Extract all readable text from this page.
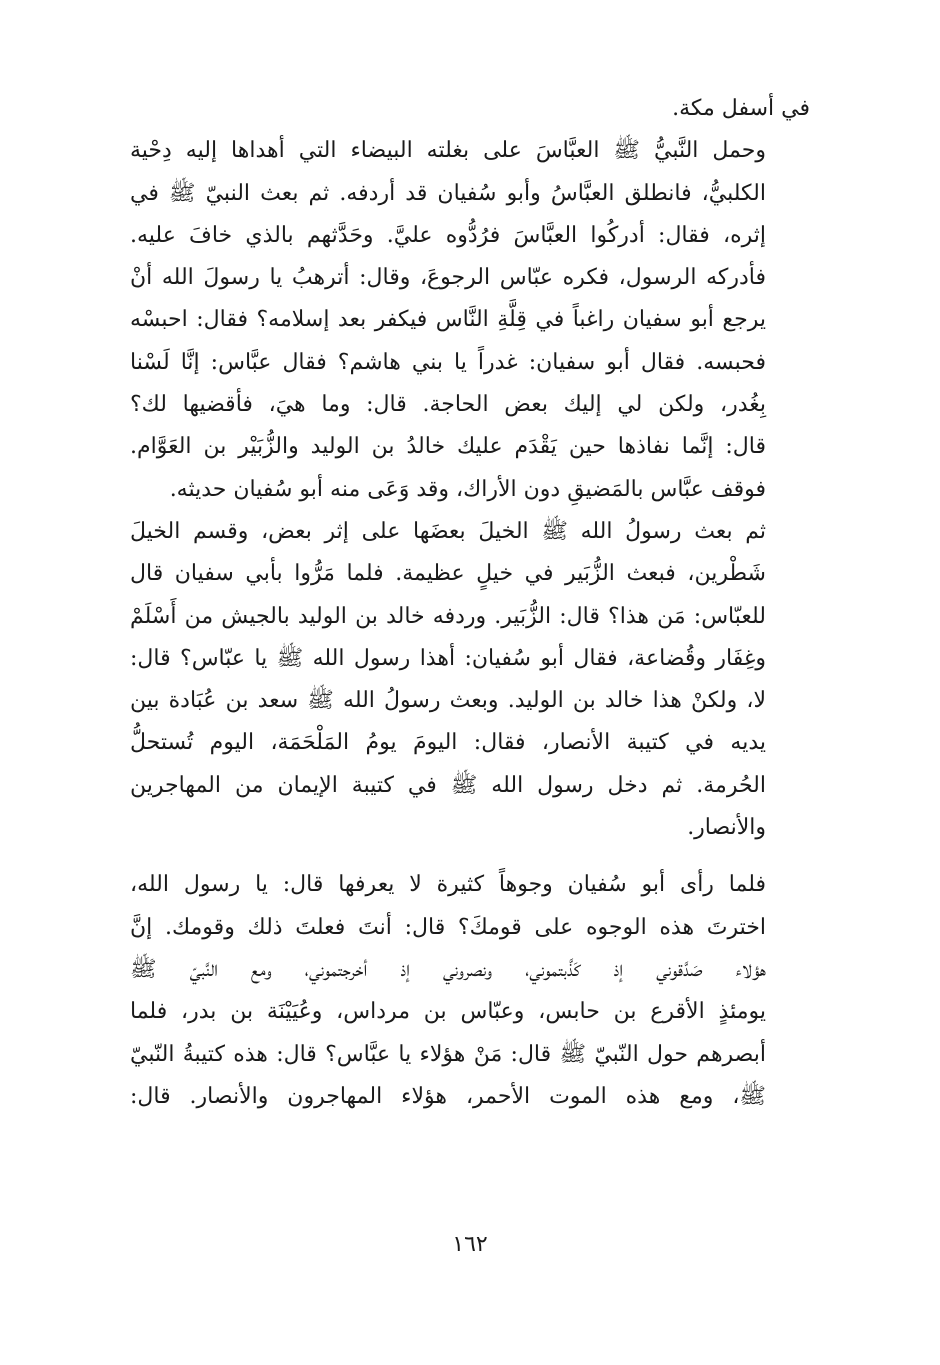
في أسفل مكة.

وحمل النَّبيُّ ﷺ العبَّاسَ على بغلته البيضاء التي أهداها إليه دِحْية
الكلبيُّ، فانطلق العبَّاسُ وأبو سُفيان قد أردفه. ثم بعث النبيّ ﷺ في
إثره، فقال: أدركُوا العبَّاسَ فرُدُّوه عليَّ. وحَدَّثهم بالذي خافَ عليه.
فأدركه الرسول، فكره عبّاس الرجوعَ، وقال: أترهبُ يا رسولَ الله أنْ
يرجع أبو سفيان راغباً في قِلَّةِ النَّاس فيكفر بعد إسلامه؟ فقال: احبسْه
فحبسه. فقال أبو سفيان: غدراً يا بني هاشم؟ فقال عبَّاس: إنَّا لَسْنا
بِغُدر، ولكن لي إليك بعض الحاجة. قال: وما هيَ، فأقضيها لك؟
قال: إنَّما نفاذها حين يَقْدَم عليك خالدُ بن الوليد والزُّبَيْر بن العَوَّام.
فوقف عبَّاس بالمَضيقِ دون الأراك، وقد وَعَى منه أبو سُفيان حديثه.

ثم بعث رسولُ الله ﷺ الخيلَ بعضَها على إثر بعض، وقسم الخيلَ
شَطْرين، فبعث الزُّبَير في خيلٍ عظيمة. فلما مَرُّوا بأبي سفيان قال
للعبّاس: مَن هذا؟ قال: الزُّبَير. وردفه خالد بن الوليد بالجيش من أَسْلَمْ
وغِفَار وقُضاعة، فقال أبو سُفيان: أهذا رسول الله ﷺ يا عبّاس؟ قال:
لا، ولكنْ هذا خالد بن الوليد. وبعث رسولُ الله ﷺ سعد بن عُبَادة بين
يديه في كتيبة الأنصار، فقال: اليومَ يومُ المَلْحَمَة، اليوم تُستحلُّ
الحُرمة. ثم دخل رسول الله ﷺ في كتيبة الإيمان من المهاجرين
والأنصار.

فلما رأى أبو سُفيان وجوهاً كثيرة لا يعرفها قال: يا رسول الله،
اخترتَ هذه الوجوه على قومكَ؟ قال: أنتَ فعلتَ ذلك وقومك. إنَّ
هؤلاء صَدَّقوني إذ كَذَّبتموني، ونصروني إذ أخرجتموني، ومع النَّبيّ ﷺ
يومئذٍ الأقرع بن حابس، وعبّاس بن مرداس، وعُيَيْنَة بن بدر، فلما
أبصرهم حول النّبيّ ﷺ قال: مَنْ هؤلاء يا عبَّاس؟ قال: هذه كتيبةُ النّبيّ
ﷺ، ومع هذه الموت الأحمر، هؤلاء المهاجرون والأنصار. قال:

١٦٢
